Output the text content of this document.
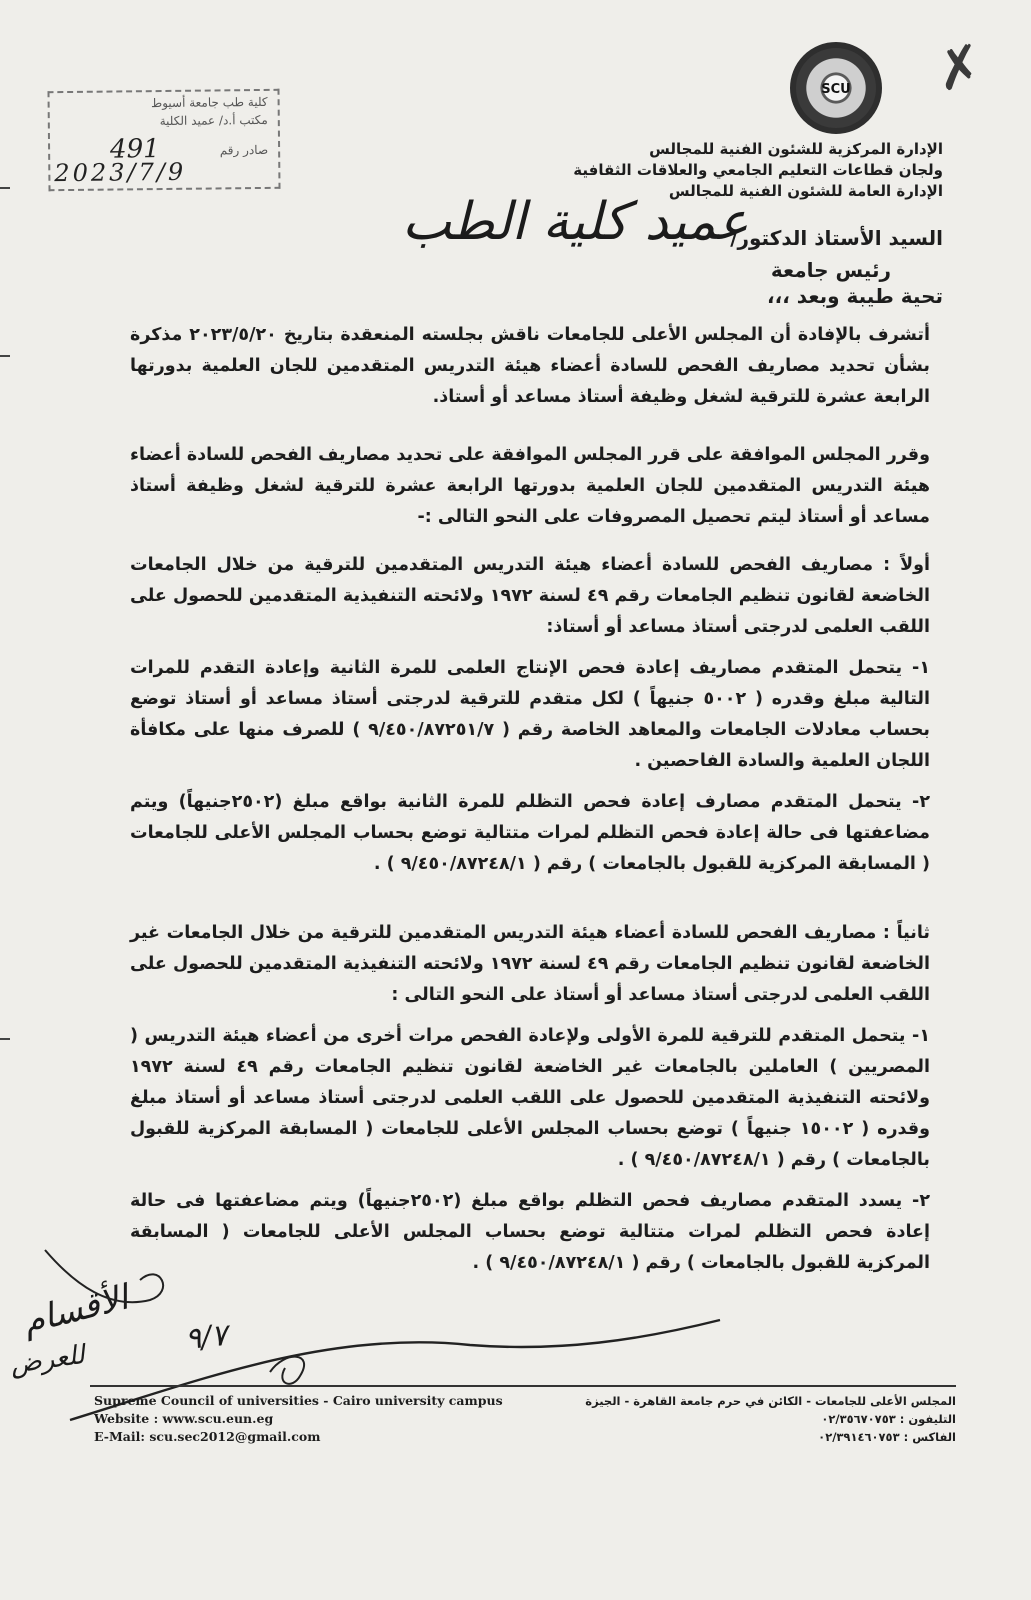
كلية طب جامعة أسيوط
مكتب أ.د/ عميد الكلية
صادر رقم
491
2023/7/9
SCU	✗
الإدارة المركزية للشئون الفنية للمجالس
ولجان قطاعات التعليم الجامعي والعلاقات الثقافية
الإدارة العامة للشئون الفنية للمجالس
السيد الأستاذ الدكتور/
عميد كلية الطب
رئيس جامعة
تحية طيبة وبعد ،،،
أتشرف بالإفادة أن المجلس الأعلى للجامعات ناقش بجلسته المنعقدة بتاريخ ٢٠٢٣/٥/٢٠ مذكرة بشأن تحديد مصاريف الفحص للسادة أعضاء هيئة التدريس المتقدمين للجان العلمية بدورتها الرابعة عشرة للترقية لشغل وظيفة أستاذ مساعد أو أستاذ.
وقرر المجلس الموافقة على قرر المجلس الموافقة على تحديد مصاريف الفحص للسادة أعضاء هيئة التدريس المتقدمين للجان العلمية بدورتها الرابعة عشرة للترقية لشغل وظيفة أستاذ مساعد أو أستاذ ليتم تحصيل المصروفات على النحو التالى :-
أولاً : مصاريف الفحص للسادة أعضاء هيئة التدريس المتقدمين للترقية من خلال الجامعات الخاضعة لقانون تنظيم الجامعات رقم ٤٩ لسنة ١٩٧٢ ولائحته التنفيذية المتقدمين للحصول على اللقب العلمى لدرجتى أستاذ مساعد أو أستاذ:
١- يتحمل المتقدم مصاريف إعادة فحص الإنتاج العلمى للمرة الثانية وإعادة التقدم للمرات التالية مبلغ وقدره ( ٥٠٠٢ جنيهاً ) لكل متقدم للترقية لدرجتى أستاذ مساعد أو أستاذ توضع بحساب معادلات الجامعات والمعاهد الخاصة رقم ( ٩/٤٥٠/٨٧٢٥١/٧ ) للصرف منها على مكافأة اللجان العلمية والسادة الفاحصين .
٢- يتحمل المتقدم مصارف إعادة فحص التظلم للمرة الثانية بواقع مبلغ (٢٥٠٢جنيهاً) ويتم مضاعفتها فى حالة إعادة فحص التظلم لمرات متتالية توضع بحساب المجلس الأعلى للجامعات ( المسابقة المركزية للقبول بالجامعات ) رقم ( ٩/٤٥٠/٨٧٢٤٨/١ ) .
ثانياً : مصاريف الفحص للسادة أعضاء هيئة التدريس المتقدمين للترقية من خلال الجامعات غير الخاضعة لقانون تنظيم الجامعات رقم ٤٩ لسنة ١٩٧٢ ولائحته التنفيذية المتقدمين للحصول على اللقب العلمى لدرجتى أستاذ مساعد أو أستاذ على النحو التالى :
١- يتحمل المتقدم للترقية للمرة الأولى ولإعادة الفحص مرات أخرى من أعضاء هيئة التدريس ( المصريين ) العاملين بالجامعات غير الخاضعة لقانون تنظيم الجامعات رقم ٤٩ لسنة ١٩٧٢ ولائحته التنفيذية المتقدمين للحصول على اللقب العلمى لدرجتى أستاذ مساعد أو أستاذ مبلغ وقدره ( ١٥٠٠٢ جنيهاً ) توضع بحساب المجلس الأعلى للجامعات ( المسابقة المركزية للقبول بالجامعات ) رقم ( ٩/٤٥٠/٨٧٢٤٨/١ ) .
٢- يسدد المتقدم مصاريف فحص التظلم بواقع مبلغ (٢٥٠٢جنيهاً) ويتم مضاعفتها فى حالة إعادة فحص التظلم لمرات متتالية توضع بحساب المجلس الأعلى للجامعات ( المسابقة المركزية للقبول بالجامعات ) رقم ( ٩/٤٥٠/٨٧٢٤٨/١ ) .
الأقسام
للعرض
٩/٧
Supreme Council of universities - Cairo university campus
Website : www.scu.eun.eg
E-Mail: scu.sec2012@gmail.com
المجلس الأعلى للجامعات - الكائن في حرم جامعة القاهرة - الجيزة
التليفون : ٠٢/٣٥٦٧٠٧٥٣
الفاكس : ٠٢/٣٩١٤٦٠٧٥٣
